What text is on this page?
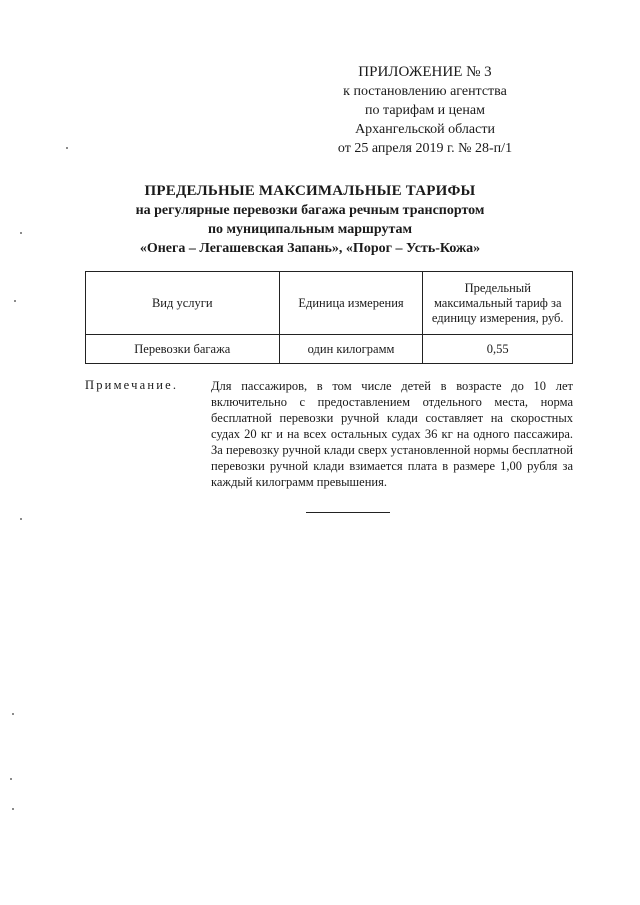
ПРИЛОЖЕНИЕ № 3
к постановлению агентства
по тарифам и ценам
Архангельской области
от 25 апреля 2019 г. № 28-п/1
ПРЕДЕЛЬНЫЕ МАКСИМАЛЬНЫЕ ТАРИФЫ
на регулярные перевозки багажа речным транспортом
по муниципальным маршрутам
«Онега – Легашевская Запань», «Порог – Усть-Кожа»
Вид услуги	Единица измерения	Предельный максимальный тариф за единицу измерения, руб.
Перевозки багажа	один килограмм	0,55
Примечание.	Для пассажиров, в том числе детей в возрасте до 10 лет включительно с предоставлением отдельного места, норма бесплатной перевозки ручной клади составляет на скоростных судах 20 кг и на всех остальных судах 36 кг на одного пассажира. За перевозку ручной клади сверх установленной нормы бесплатной перевозки ручной клади взимается плата в размере 1,00 рубля за каждый килограмм превышения.
